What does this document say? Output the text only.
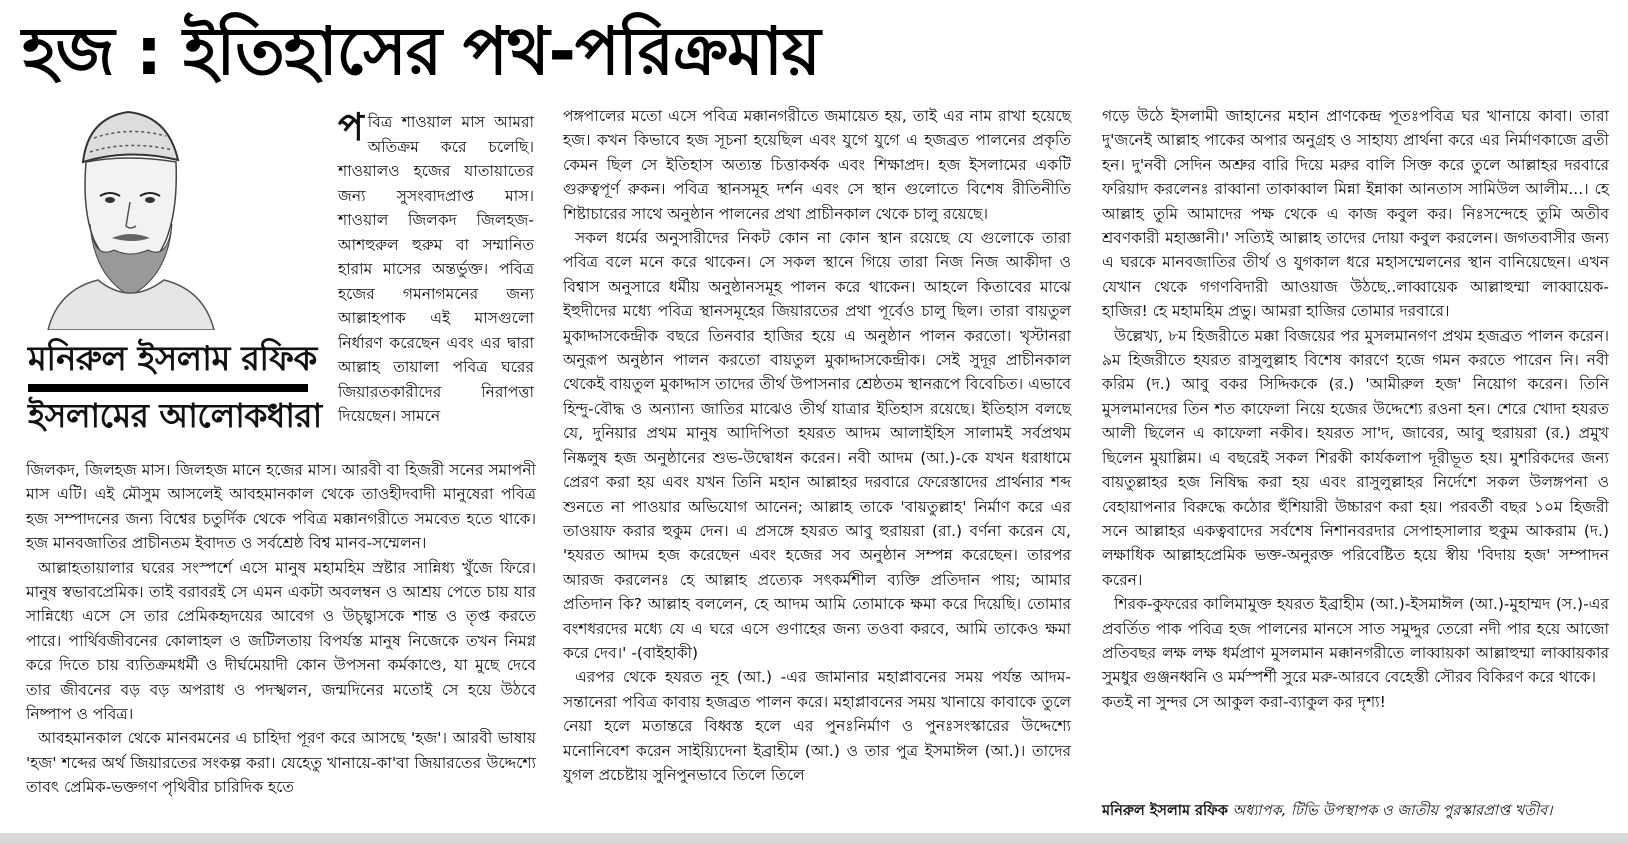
হজ : ইতিহাসের পথ-পরিক্রমায়
মনিরুল ইসলাম রফিক
ইসলামের আলোকধারা
পবিত্র শাওয়াল মাস আমরা অতিক্রম করে চলেছি। শাওয়ালও হজের যাতায়াতের জন্য সুসংবাদপ্রাপ্ত মাস। শাওয়াল জিলকদ জিলহজ- আশহুরুল হুরুম বা সম্মানিত হারাম মাসের অন্তর্ভুক্ত। পবিত্র হজের গমনাগমনের জন্য আল্লাহপাক এই মাসগুলো নির্ধারণ করেছেন এবং এর দ্বারা আল্লাহ তায়ালা পবিত্র ঘরের জিয়ারতকারীদের নিরাপত্তা দিয়েছেন। সামনে

জিলকদ, জিলহজ মাস। জিলহজ মানে হজের মাস। আরবী বা হিজরী সনের সমাপনী মাস এটি। এই মৌসুম আসলেই আবহমানকাল থেকে তাওহীদবাদী মানুষেরা পবিত্র হজ সম্পাদনের জন্য বিশ্বের চতুর্দিক থেকে পবিত্র মক্কানগরীতে সমবেত হতে থাকে। হজ মানবজাতির প্রাচীনতম ইবাদত ও সর্বশ্রেষ্ঠ বিশ্ব মানব-সম্মেলন।

আল্লাহতায়ালার ঘরের সংস্পর্শে এসে মানুষ মহামহিম স্রষ্টার সান্নিধ্য খুঁজে ফিরে। মানুষ স্বভাবপ্রেমিক। তাই বরাবরই সে এমন একটা অবলম্বন ও আশ্রয় পেতে চায় যার সান্নিধ্যে এসে সে তার প্রেমিকহৃদয়ের আবেগ ও উচ্ছ্বাসকে শান্ত ও তৃপ্ত করতে পারে। পার্থিবজীবনের কোলাহল ও জটিলতায় বিপর্যস্ত মানুষ নিজেকে তখন নিমগ্ন করে দিতে চায় ব্যতিক্রমধর্মী ও দীর্ঘমেয়াদী কোন উপসনা কর্মকাণ্ডে, যা মুছে দেবে তার জীবনের বড় বড় অপরাধ ও পদস্খলন, জন্মদিনের মতোই সে হয়ে উঠবে নিষ্পাপ ও পবিত্র।

আবহমানকাল থেকে মানবমনের এ চাহিদা পূরণ করে আসছে 'হজ'। আরবী ভাষায় 'হজ' শব্দের অর্থ জিয়ারতের সংকল্প করা। যেহেতু খানায়ে-কা'বা জিয়ারতের উদ্দেশ্যে তাবৎ প্রেমিক-ভক্তগণ পৃথিবীর চারিদিক হতে

পঙ্গপালের মতো এসে পবিত্র মক্কানগরীতে জমায়েত হয়, তাই এর নাম রাখা হয়েছে হজ। কখন কিভাবে হজ সূচনা হয়েছিল এবং যুগে যুগে এ হজব্রত পালনের প্রকৃতি কেমন ছিল সে ইতিহাস অত্যন্ত চিত্তাকর্ষক এবং শিক্ষাপ্রদ। হজ ইসলামের একটি গুরুত্বপূর্ণ রুকন। পবিত্র স্থানসমূহ দর্শন এবং সে স্থান গুলোতে বিশেষ রীতিনীতি শিষ্টাচারের সাথে অনুষ্ঠান পালনের প্রথা প্রাচীনকাল থেকে চালু রয়েছে।

সকল ধর্মের অনুসারীদের নিকট কোন না কোন স্থান রয়েছে যে গুলোকে তারা পবিত্র বলে মনে করে থাকেন। সে সকল স্থানে গিয়ে তারা নিজ নিজ আকীদা ও বিশ্বাস অনুসারে ধর্মীয় অনুষ্ঠানসমূহ পালন করে থাকেন। আহলে কিতাবের মাঝে ইহুদীদের মধ্যে পবিত্র স্থানসমূহের জিয়ারতের প্রথা পূর্বেও চালু ছিল। তারা বায়তুল মুকাদ্দাসকেন্দ্রীক বছরে তিনবার হাজির হয়ে এ অনুষ্ঠান পালন করতো। খৃস্টানরা অনুরূপ অনুষ্ঠান পালন করতো বায়তুল মুকাদ্দাসকেন্দ্রীক। সেই সুদূর প্রাচীনকাল থেকেই বায়তুল মুকাদ্দাস তাদের তীর্থ উপাসনার শ্রেষ্ঠতম স্থানরূপে বিবেচিত। এভাবে হিন্দু-বৌদ্ধ ও অন্যান্য জাতির মাঝেও তীর্থ যাত্রার ইতিহাস রয়েছে। ইতিহাস বলছে যে, দুনিয়ার প্রথম মানুষ আদিপিতা হযরত আদম আলাইহিস সালামই সর্বপ্রথম নিষ্কলুষ হজ অনুষ্ঠানের শুভ-উদ্বোধন করেন। নবী আদম (আ.)-কে যখন ধরাধামে প্রেরণ করা হয় এবং যখন তিনি মহান আল্লাহর দরবারে ফেরেস্তাদের প্রার্থনার শব্দ শুনতে না পাওয়ার অভিযোগ আনেন; আল্লাহ তাকে 'বায়তুল্লাহ' নির্মাণ করে এর তাওয়াফ করার হুকুম দেন। এ প্রসঙ্গে হযরত আবু হুরায়রা (রা.) বর্ণনা করেন যে, 'হযরত আদম হজ করেছেন এবং হজের সব অনুষ্ঠান সম্পন্ন করেছেন। তারপর আরজ করলেনঃ হে আল্লাহ প্রত্যেক সৎকর্মশীল ব্যক্তি প্রতিদান পায়; আমার প্রতিদান কি? আল্লাহ বললেন, হে আদম আমি তোমাকে ক্ষমা করে দিয়েছি। তোমার বংশধরদের মধ্যে যে এ ঘরে এসে গুণাহের জন্য তওবা করবে, আমি তাকেও ক্ষমা করে দেব।' -(বাইহাকী)

এরপর থেকে হযরত নূহ (আ.) -এর জামানার মহাপ্লাবনের সময় পর্যন্ত আদম-সন্তানেরা পবিত্র কাবায় হজব্রত পালন করে। মহাপ্লাবনের সময় খানায়ে কাবাকে তুলে নেয়া হলে মতান্তরে বিধ্বস্ত হলে এর পুনঃনির্মাণ ও পুনঃসংস্কারের উদ্দেশ্যে মনোনিবেশ করেন সাইয়্যিদেনা ইব্রাহীম (আ.) ও তার পুত্র ইসমাঈল (আ.)। তাদের যুগল প্রচেষ্টায় সুনিপুনভাবে তিলে তিলে

গড়ে উঠে ইসলামী জাহানের মহান প্রাণকেন্দ্র পূতঃপবিত্র ঘর খানায়ে কাবা। তারা দু'জনেই আল্লাহ পাকের অপার অনুগ্রহ ও সাহায্য প্রার্থনা করে এর নির্মাণকাজে ব্রতী হন। দু'নবী সেদিন অশ্রুর বারি দিয়ে মরুর বালি সিক্ত করে তুলে আল্লাহর দরবারে ফরিয়াদ করলেনঃ রাব্বানা তাকাব্বাল মিন্না ইন্নাকা আনতাস সামিউল আলীম...। হে আল্লাহ তুমি আমাদের পক্ষ থেকে এ কাজ কবুল কর। নিঃসন্দেহে তুমি অতীব শ্রবণকারী মহাজ্ঞানী।' সত্যিই আল্লাহ তাদের দোয়া কবুল করলেন। জগতবাসীর জন্য এ ঘরকে মানবজাতির তীর্থ ও যুগকাল ধরে মহাসম্মেলনের স্থান বানিয়েছেন। এখন যেখান থেকে গগণবিদারী আওয়াজ উঠছে..লাব্বায়েক আল্লাহুম্মা লাব্বায়েক- হাজির! হে মহামহিম প্রভু। আমরা হাজির তোমার দরবারে।

উল্লেখ্য, ৮ম হিজরীতে মক্কা বিজয়ের পর মুসলমানগণ প্রথম হজব্রত পালন করেন। ৯ম হিজরীতে হযরত রাসুলুল্লাহ বিশেষ কারণে হজে গমন করতে পারেন নি। নবী করিম (দ.) আবু বকর সিদ্দিককে (র.) 'আমীরুল হজ' নিয়োগ করেন। তিনি মুসলমানদের তিন শত কাফেলা নিয়ে হজের উদ্দেশ্যে রওনা হন। শেরে খোদা হযরত আলী ছিলেন এ কাফেলা নকীব। হযরত সা'দ, জাবের, আবু হুরায়রা (র.) প্রমুখ ছিলেন মুয়াল্লিম। এ বছরেই সকল শিরকী কার্যকলাপ দূরীভূত হয়। মুশরিকদের জন্য বায়তুল্লাহর হজ নিষিদ্ধ করা হয় এবং রাসুলুল্লাহর নির্দেশে সকল উলঙ্গপনা ও বেহায়াপনার বিরুদ্ধে কঠোর হুঁশিয়ারী উচ্চারণ করা হয়। পরবর্তী বছর ১০ম হিজরী সনে আল্লাহর একত্ববাদের সর্বশেষ নিশানবরদার সেপাহসালার হুকুম আকরাম (দ.) লক্ষাধিক আল্লাহপ্রেমিক ভক্ত-অনুরক্ত পরিবেষ্টিত হয়ে স্বীয় 'বিদায় হজ' সম্পাদন করেন।

শিরক-কুফরের কালিমামুক্ত হযরত ইব্রাহীম (আ.)-ইসমাঈল (আ.)-মুহাম্মদ (স.)-এর প্রবর্তিত পাক পবিত্র হজ পালনের মানসে সাত সমুদ্দুর তেরো নদী পার হয়ে আজো প্রতিবছর লক্ষ লক্ষ ধর্মপ্রাণ মুসলমান মক্কানগরীতে লাব্বায়কা আল্লাহুম্মা লাব্বায়কার সুমধুর গুঞ্জনধ্বনি ও মর্মস্পর্শী সুরে মরু-আরবে বেহেস্তী সৌরব বিকিরণ করে থাকে।

কতই না সুন্দর সে আকুল করা-ব্যাকুল কর দৃশ্য!

মনিরুল ইসলাম রফিক অধ্যাপক, টিভি উপস্থাপক ও জাতীয় পুরস্কারপ্রাপ্ত খতীব।
